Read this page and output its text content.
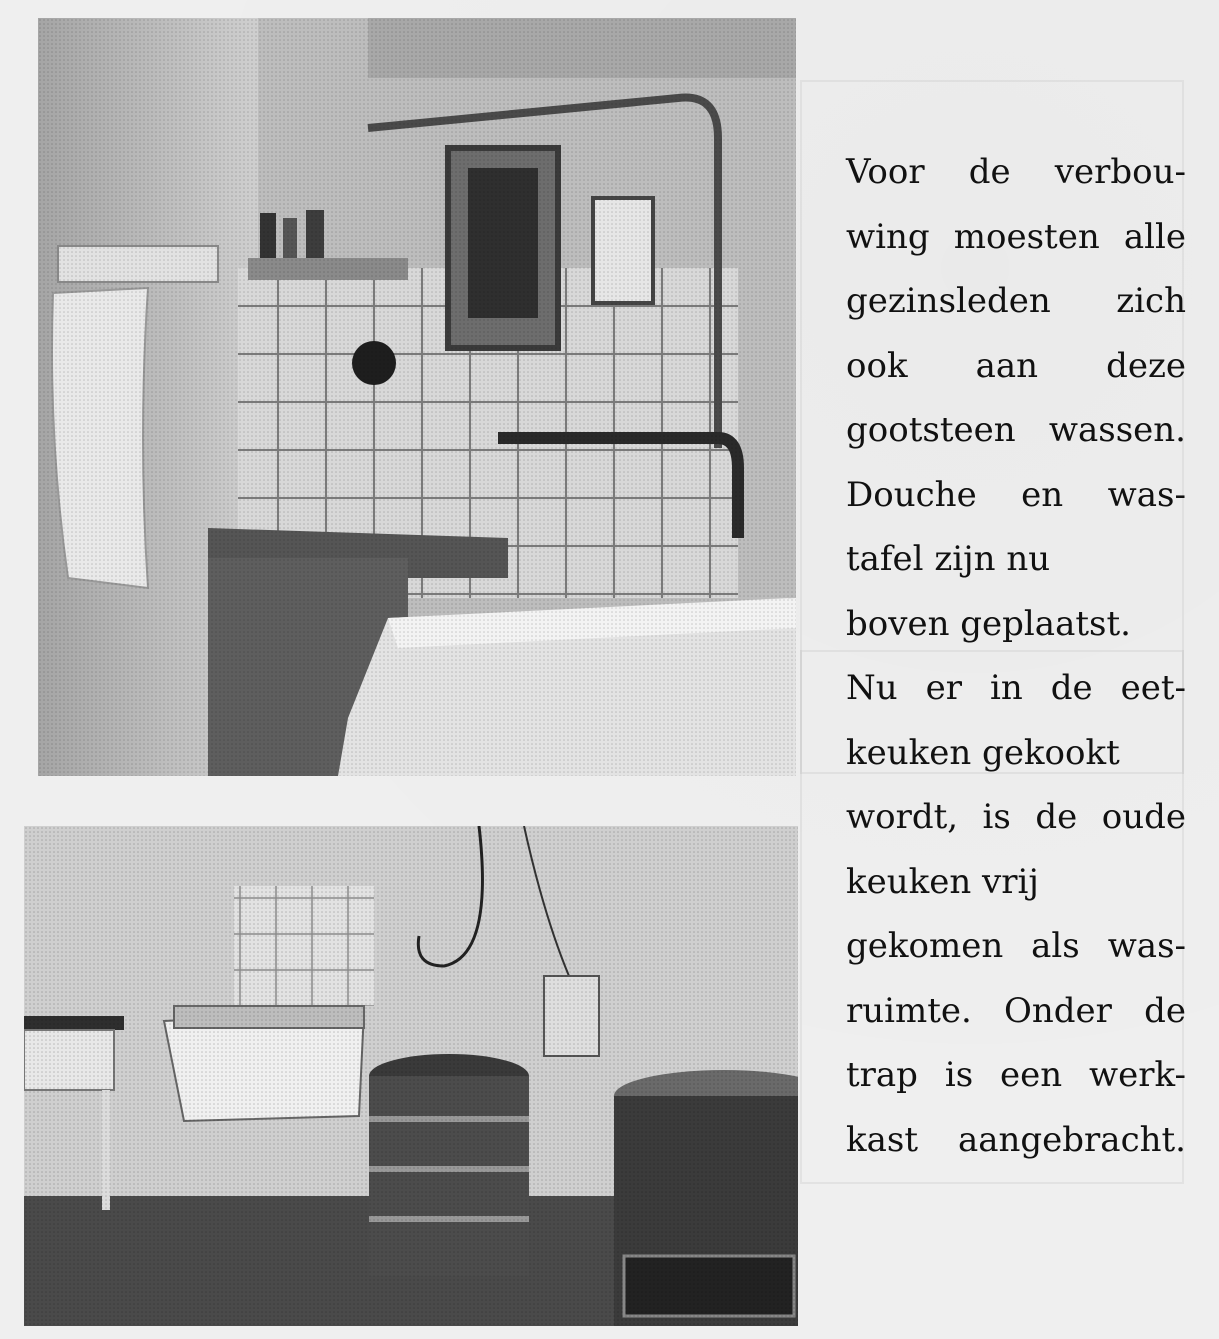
Voor de verbou-
wing moesten alle
gezinsleden zich
ook aan deze
gootsteen wassen.
Douche en was-
tafel zijn nu
boven geplaatst.
Nu er in de eet-
keuken gekookt
wordt, is de oude
keuken vrij
gekomen als was-
ruimte. Onder de
trap is een werk-
kast aangebracht.
